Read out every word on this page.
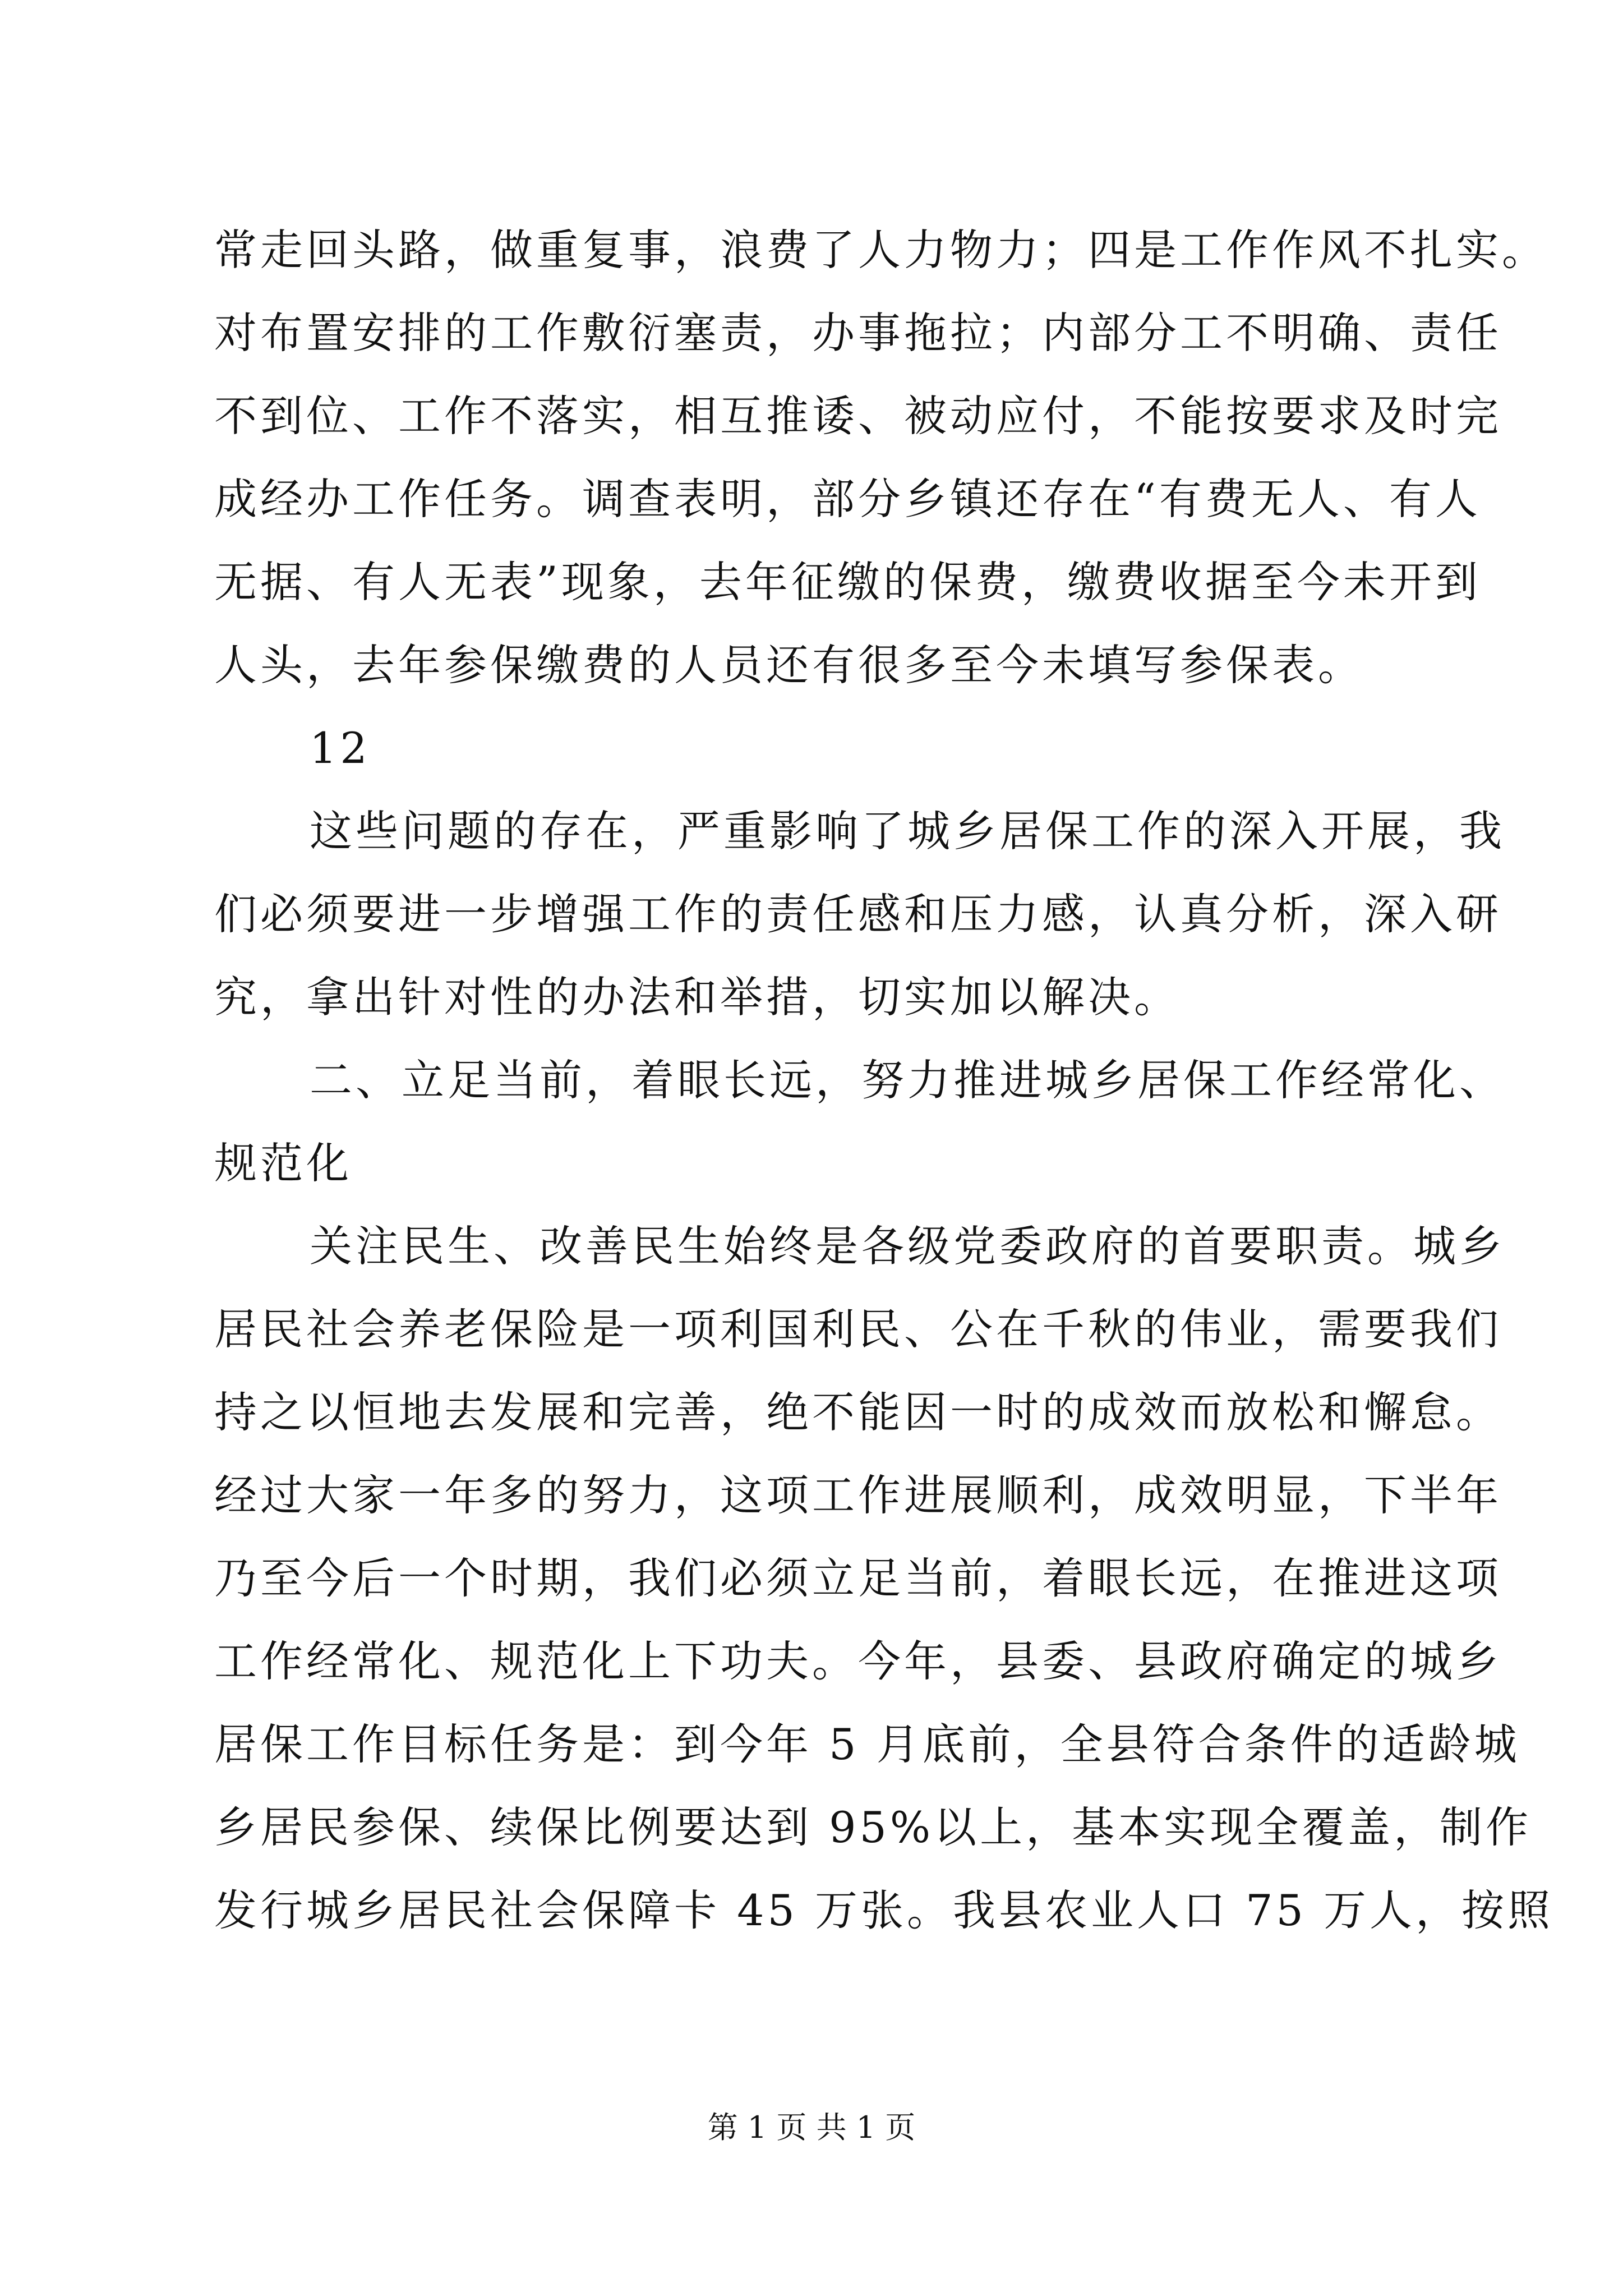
常走回头路，做重复事，浪费了人力物力；四是工作作风不扎实。
对布置安排的工作敷衍塞责，办事拖拉；内部分工不明确、责任
不到位、工作不落实，相互推诿、被动应付，不能按要求及时完
成经办工作任务。调查表明，部分乡镇还存在“有费无人、有人
无据、有人无表”现象，去年征缴的保费，缴费收据至今未开到
人头，去年参保缴费的人员还有很多至今未填写参保表。
12
这些问题的存在，严重影响了城乡居保工作的深入开展，我
们必须要进一步增强工作的责任感和压力感，认真分析，深入研
究，拿出针对性的办法和举措，切实加以解决。
二、立足当前，着眼长远，努力推进城乡居保工作经常化、
规范化
关注民生、改善民生始终是各级党委政府的首要职责。城乡
居民社会养老保险是一项利国利民、公在千秋的伟业，需要我们
持之以恒地去发展和完善，绝不能因一时的成效而放松和懈怠。
经过大家一年多的努力，这项工作进展顺利，成效明显，下半年
乃至今后一个时期，我们必须立足当前，着眼长远，在推进这项
工作经常化、规范化上下功夫。今年，县委、县政府确定的城乡
居保工作目标任务是：到今年 5 月底前，全县符合条件的适龄城
乡居民参保、续保比例要达到 95%以上，基本实现全覆盖，制作
发行城乡居民社会保障卡 45 万张。我县农业人口 75 万人，按照
第 1 页 共 1 页
